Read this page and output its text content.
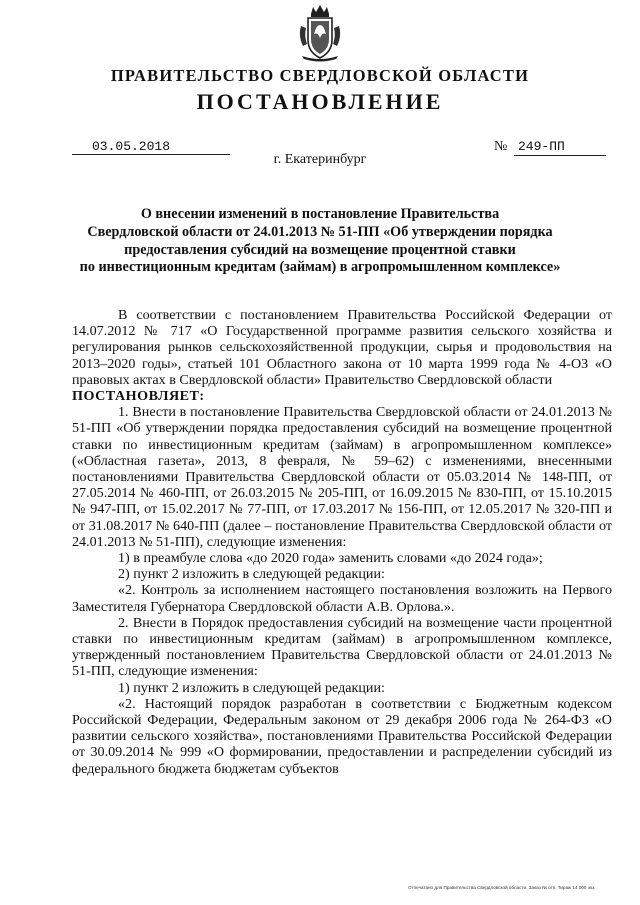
ПРАВИТЕЛЬСТВО СВЕРДЛОВСКОЙ ОБЛАСТИ
ПОСТАНОВЛЕНИЕ
03.05.2018	№ 249-ПП
г. Екатеринбург
О внесении изменений в постановление Правительства
Свердловской области от 24.01.2013 № 51-ПП «Об утверждении порядка
предоставления субсидий на возмещение процентной ставки
по инвестиционным кредитам (займам) в агропромышленном комплексе»

В соответствии с постановлением Правительства Российской Федерации от 14.07.2012 № 717 «О Государственной программе развития сельского хозяйства и регулирования рынков сельскохозяйственной продукции, сырья и продовольствия на 2013–2020 годы», статьей 101 Областного закона от 10 марта 1999 года № 4-ОЗ «О правовых актах в Свердловской области» Правительство Свердловской области

ПОСТАНОВЛЯЕТ:

1. Внести в постановление Правительства Свердловской области от 24.01.2013 № 51-ПП «Об утверждении порядка предоставления субсидий на возмещение процентной ставки по инвестиционным кредитам (займам) в агропромышленном комплексе» («Областная газета», 2013, 8 февраля, № 59–62) с изменениями, внесенными постановлениями Правительства Свердловской области от 05.03.2014 № 148-ПП, от 27.05.2014 № 460-ПП, от 26.03.2015 № 205-ПП, от 16.09.2015 № 830-ПП, от 15.10.2015 № 947-ПП, от 15.02.2017 № 77-ПП, от 17.03.2017 № 156-ПП, от 12.05.2017 № 320-ПП и от 31.08.2017 № 640-ПП (далее – постановление Правительства Свердловской области от 24.01.2013 № 51-ПП), следующие изменения:

1) в преамбуле слова «до 2020 года» заменить словами «до 2024 года»;

2) пункт 2 изложить в следующей редакции:

«2. Контроль за исполнением настоящего постановления возложить на Первого Заместителя Губернатора Свердловской области А.В. Орлова.».

2. Внести в Порядок предоставления субсидий на возмещение части процентной ставки по инвестиционным кредитам (займам) в агропромышленном комплексе, утвержденный постановлением Правительства Свердловской области от 24.01.2013 № 51-ПП, следующие изменения:

1) пункт 2 изложить в следующей редакции:

«2. Настоящий порядок разработан в соответствии с Бюджетным кодексом Российской Федерации, Федеральным законом от 29 декабря 2006 года № 264-ФЗ «О развитии сельского хозяйства», постановлениями Правительства Российской Федерации от 30.09.2014 № 999 «О формировании, предоставлении и распределении субсидий из федерального бюджета бюджетам субъектов

Отпечатано для Правительства Свердловской области. Заказ № отп. Тираж 14 000 экз.
